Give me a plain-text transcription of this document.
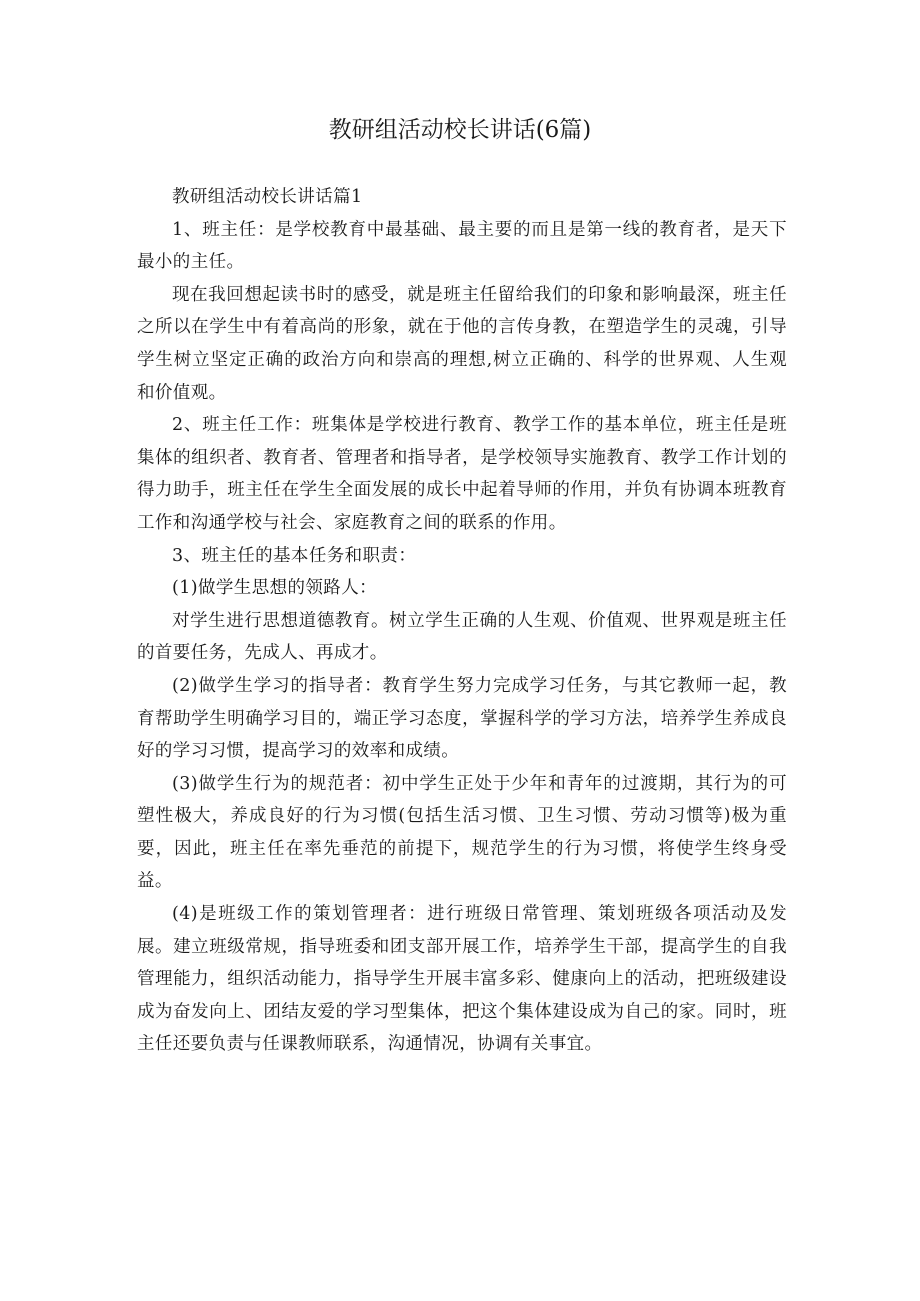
教研组活动校长讲话(6篇)

教研组活动校长讲话篇1

1、班主任：是学校教育中最基础、最主要的而且是第一线的教育者，是天下最小的主任。

现在我回想起读书时的感受，就是班主任留给我们的印象和影响最深，班主任之所以在学生中有着高尚的形象，就在于他的言传身教，在塑造学生的灵魂，引导学生树立坚定正确的政治方向和崇高的理想,树立正确的、科学的世界观、人生观和价值观。

2、班主任工作：班集体是学校进行教育、教学工作的基本单位，班主任是班集体的组织者、教育者、管理者和指导者，是学校领导实施教育、教学工作计划的得力助手，班主任在学生全面发展的成长中起着导师的作用，并负有协调本班教育工作和沟通学校与社会、家庭教育之间的联系的作用。

3、班主任的基本任务和职责：

(1)做学生思想的领路人：

对学生进行思想道德教育。树立学生正确的人生观、价值观、世界观是班主任的首要任务，先成人、再成才。

(2)做学生学习的指导者：教育学生努力完成学习任务，与其它教师一起，教育帮助学生明确学习目的，端正学习态度，掌握科学的学习方法，培养学生养成良好的学习习惯，提高学习的效率和成绩。

(3)做学生行为的规范者：初中学生正处于少年和青年的过渡期，其行为的可塑性极大，养成良好的行为习惯(包括生活习惯、卫生习惯、劳动习惯等)极为重要，因此，班主任在率先垂范的前提下，规范学生的行为习惯，将使学生终身受益。

(4)是班级工作的策划管理者：进行班级日常管理、策划班级各项活动及发展。建立班级常规，指导班委和团支部开展工作，培养学生干部，提高学生的自我管理能力，组织活动能力，指导学生开展丰富多彩、健康向上的活动，把班级建设成为奋发向上、团结友爱的学习型集体，把这个集体建设成为自己的家。同时，班主任还要负责与任课教师联系，沟通情况，协调有关事宜。
